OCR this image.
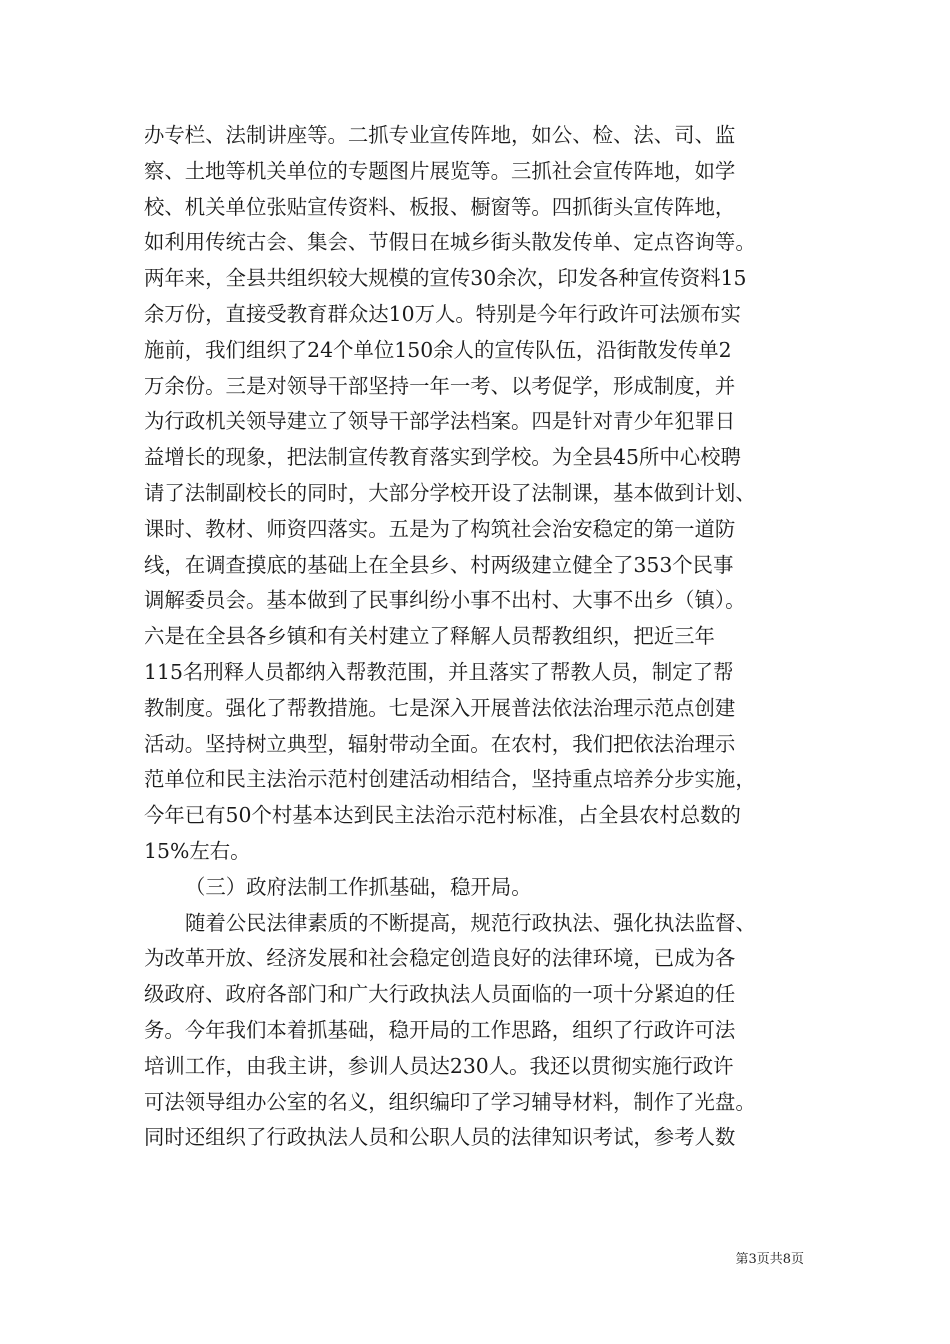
办专栏、法制讲座等。二抓专业宣传阵地，如公、检、法、司、监
察、土地等机关单位的专题图片展览等。三抓社会宣传阵地，如学
校、机关单位张贴宣传资料、板报、橱窗等。四抓街头宣传阵地，
如利用传统古会、集会、节假日在城乡街头散发传单、定点咨询等。
两年来，全县共组织较大规模的宣传30余次，印发各种宣传资料15
余万份，直接受教育群众达10万人。特别是今年行政许可法颁布实
施前，我们组织了24个单位150余人的宣传队伍，沿街散发传单2
万余份。三是对领导干部坚持一年一考、以考促学，形成制度，并
为行政机关领导建立了领导干部学法档案。四是针对青少年犯罪日
益增长的现象，把法制宣传教育落实到学校。为全县45所中心校聘
请了法制副校长的同时，大部分学校开设了法制课，基本做到计划、
课时、教材、师资四落实。五是为了构筑社会治安稳定的第一道防
线，在调查摸底的基础上在全县乡、村两级建立健全了353个民事
调解委员会。基本做到了民事纠纷小事不出村、大事不出乡（镇）。
六是在全县各乡镇和有关村建立了释解人员帮教组织，把近三年
115名刑释人员都纳入帮教范围，并且落实了帮教人员，制定了帮
教制度。强化了帮教措施。七是深入开展普法依法治理示范点创建
活动。坚持树立典型，辐射带动全面。在农村，我们把依法治理示
范单位和民主法治示范村创建活动相结合，坚持重点培养分步实施，
今年已有50个村基本达到民主法治示范村标准，占全县农村总数的
15%左右。
（三）政府法制工作抓基础，稳开局。
随着公民法律素质的不断提高，规范行政执法、强化执法监督、
为改革开放、经济发展和社会稳定创造良好的法律环境，已成为各
级政府、政府各部门和广大行政执法人员面临的一项十分紧迫的任
务。今年我们本着抓基础，稳开局的工作思路，组织了行政许可法
培训工作，由我主讲，参训人员达230人。我还以贯彻实施行政许
可法领导组办公室的名义，组织编印了学习辅导材料，制作了光盘。
同时还组织了行政执法人员和公职人员的法律知识考试，参考人数
第3页共8页
